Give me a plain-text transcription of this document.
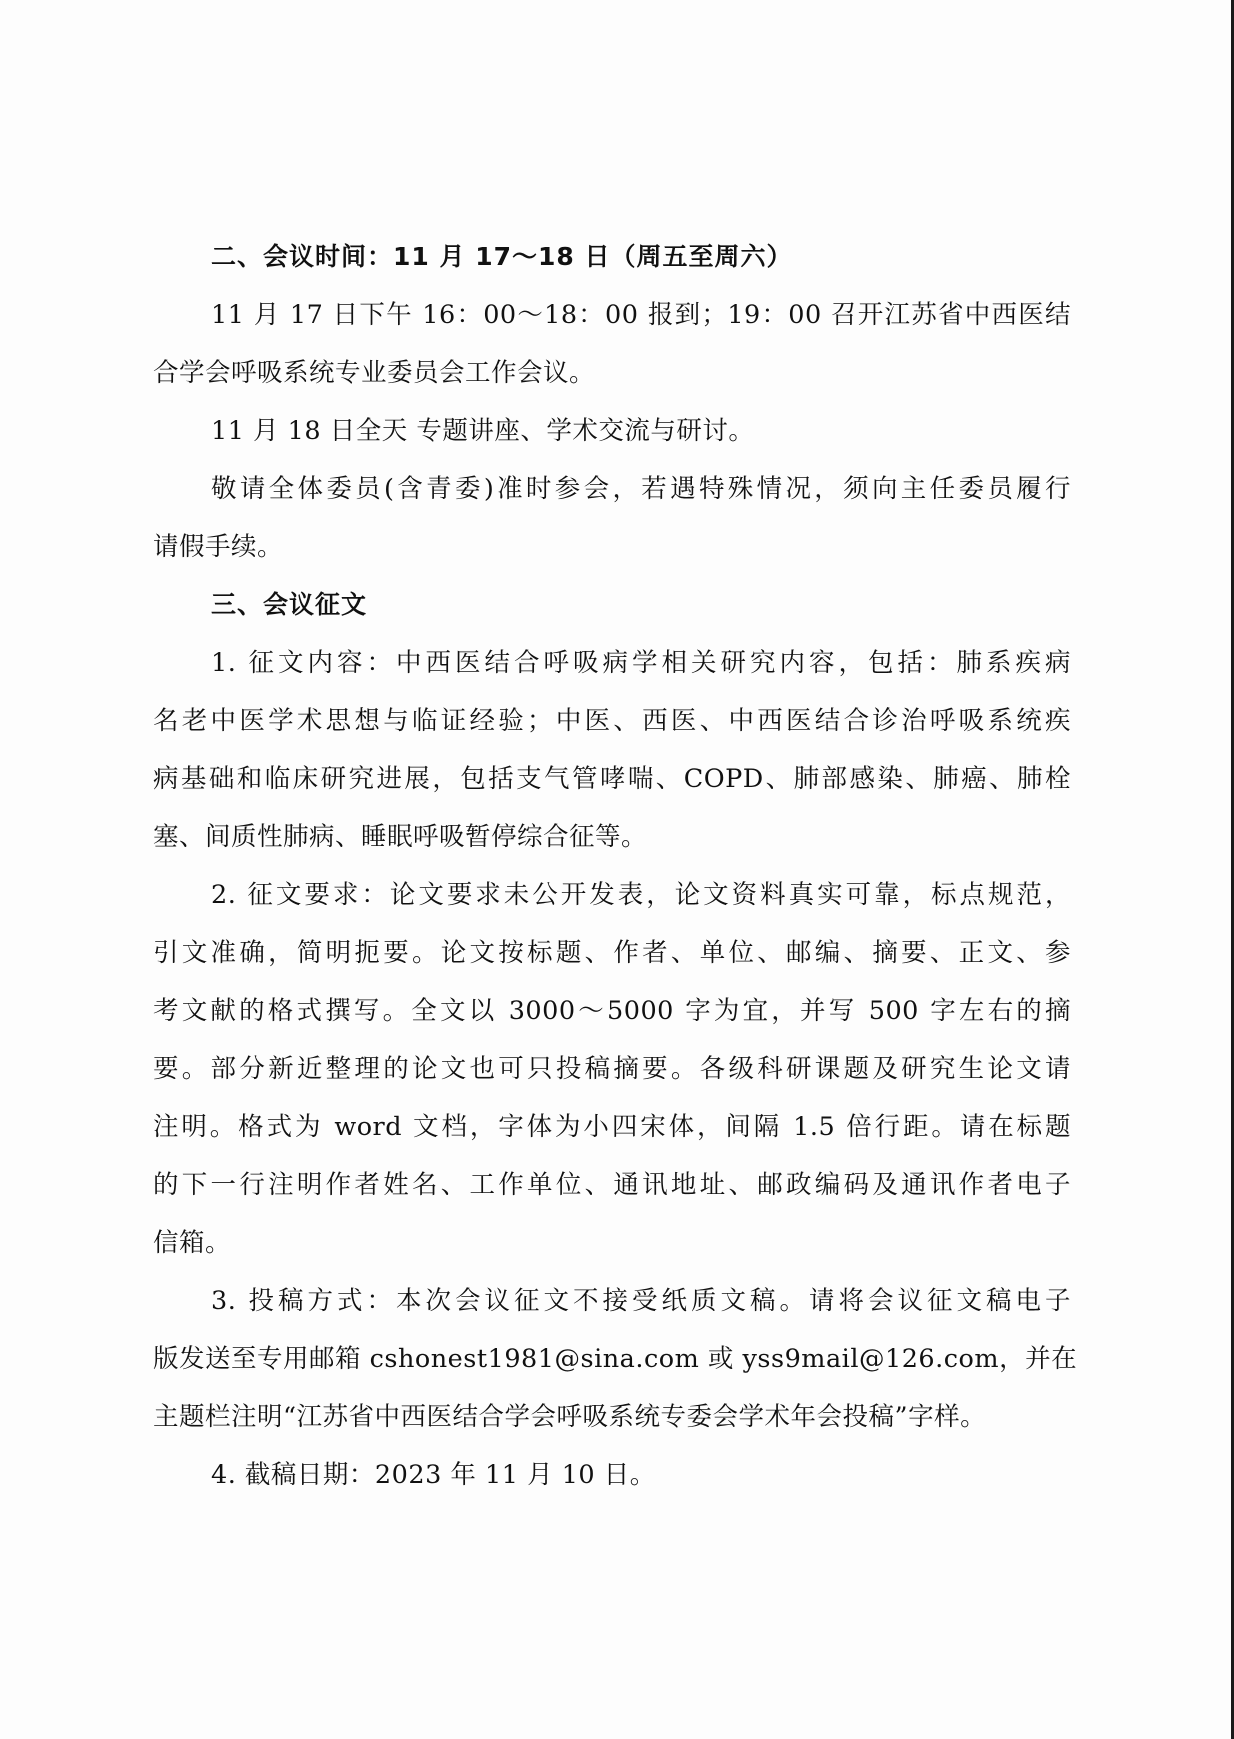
二、会议时间：11 月 17～18 日（周五至周六）
11 月 17 日下午 16：00～18：00 报到；19：00 召开江苏省中西医结
合学会呼吸系统专业委员会工作会议。
11 月 18 日全天 专题讲座、学术交流与研讨。
敬请全体委员(含青委)准时参会，若遇特殊情况，须向主任委员履行
请假手续。
三、会议征文
1. 征文内容：中西医结合呼吸病学相关研究内容，包括：肺系疾病
名老中医学术思想与临证经验；中医、西医、中西医结合诊治呼吸系统疾
病基础和临床研究进展，包括支气管哮喘、COPD、肺部感染、肺癌、肺栓
塞、间质性肺病、睡眠呼吸暂停综合征等。
2. 征文要求：论文要求未公开发表，论文资料真实可靠，标点规范，
引文准确，简明扼要。论文按标题、作者、单位、邮编、摘要、正文、参
考文献的格式撰写。全文以 3000～5000 字为宜，并写 500 字左右的摘
要。部分新近整理的论文也可只投稿摘要。各级科研课题及研究生论文请
注明。格式为 word 文档，字体为小四宋体，间隔 1.5 倍行距。请在标题
的下一行注明作者姓名、工作单位、通讯地址、邮政编码及通讯作者电子
信箱。
3. 投稿方式：本次会议征文不接受纸质文稿。请将会议征文稿电子
版发送至专用邮箱 cshonest1981@sina.com 或 yss9mail@126.com，并在
主题栏注明“江苏省中西医结合学会呼吸系统专委会学术年会投稿”字样。
4. 截稿日期：2023 年 11 月 10 日。
